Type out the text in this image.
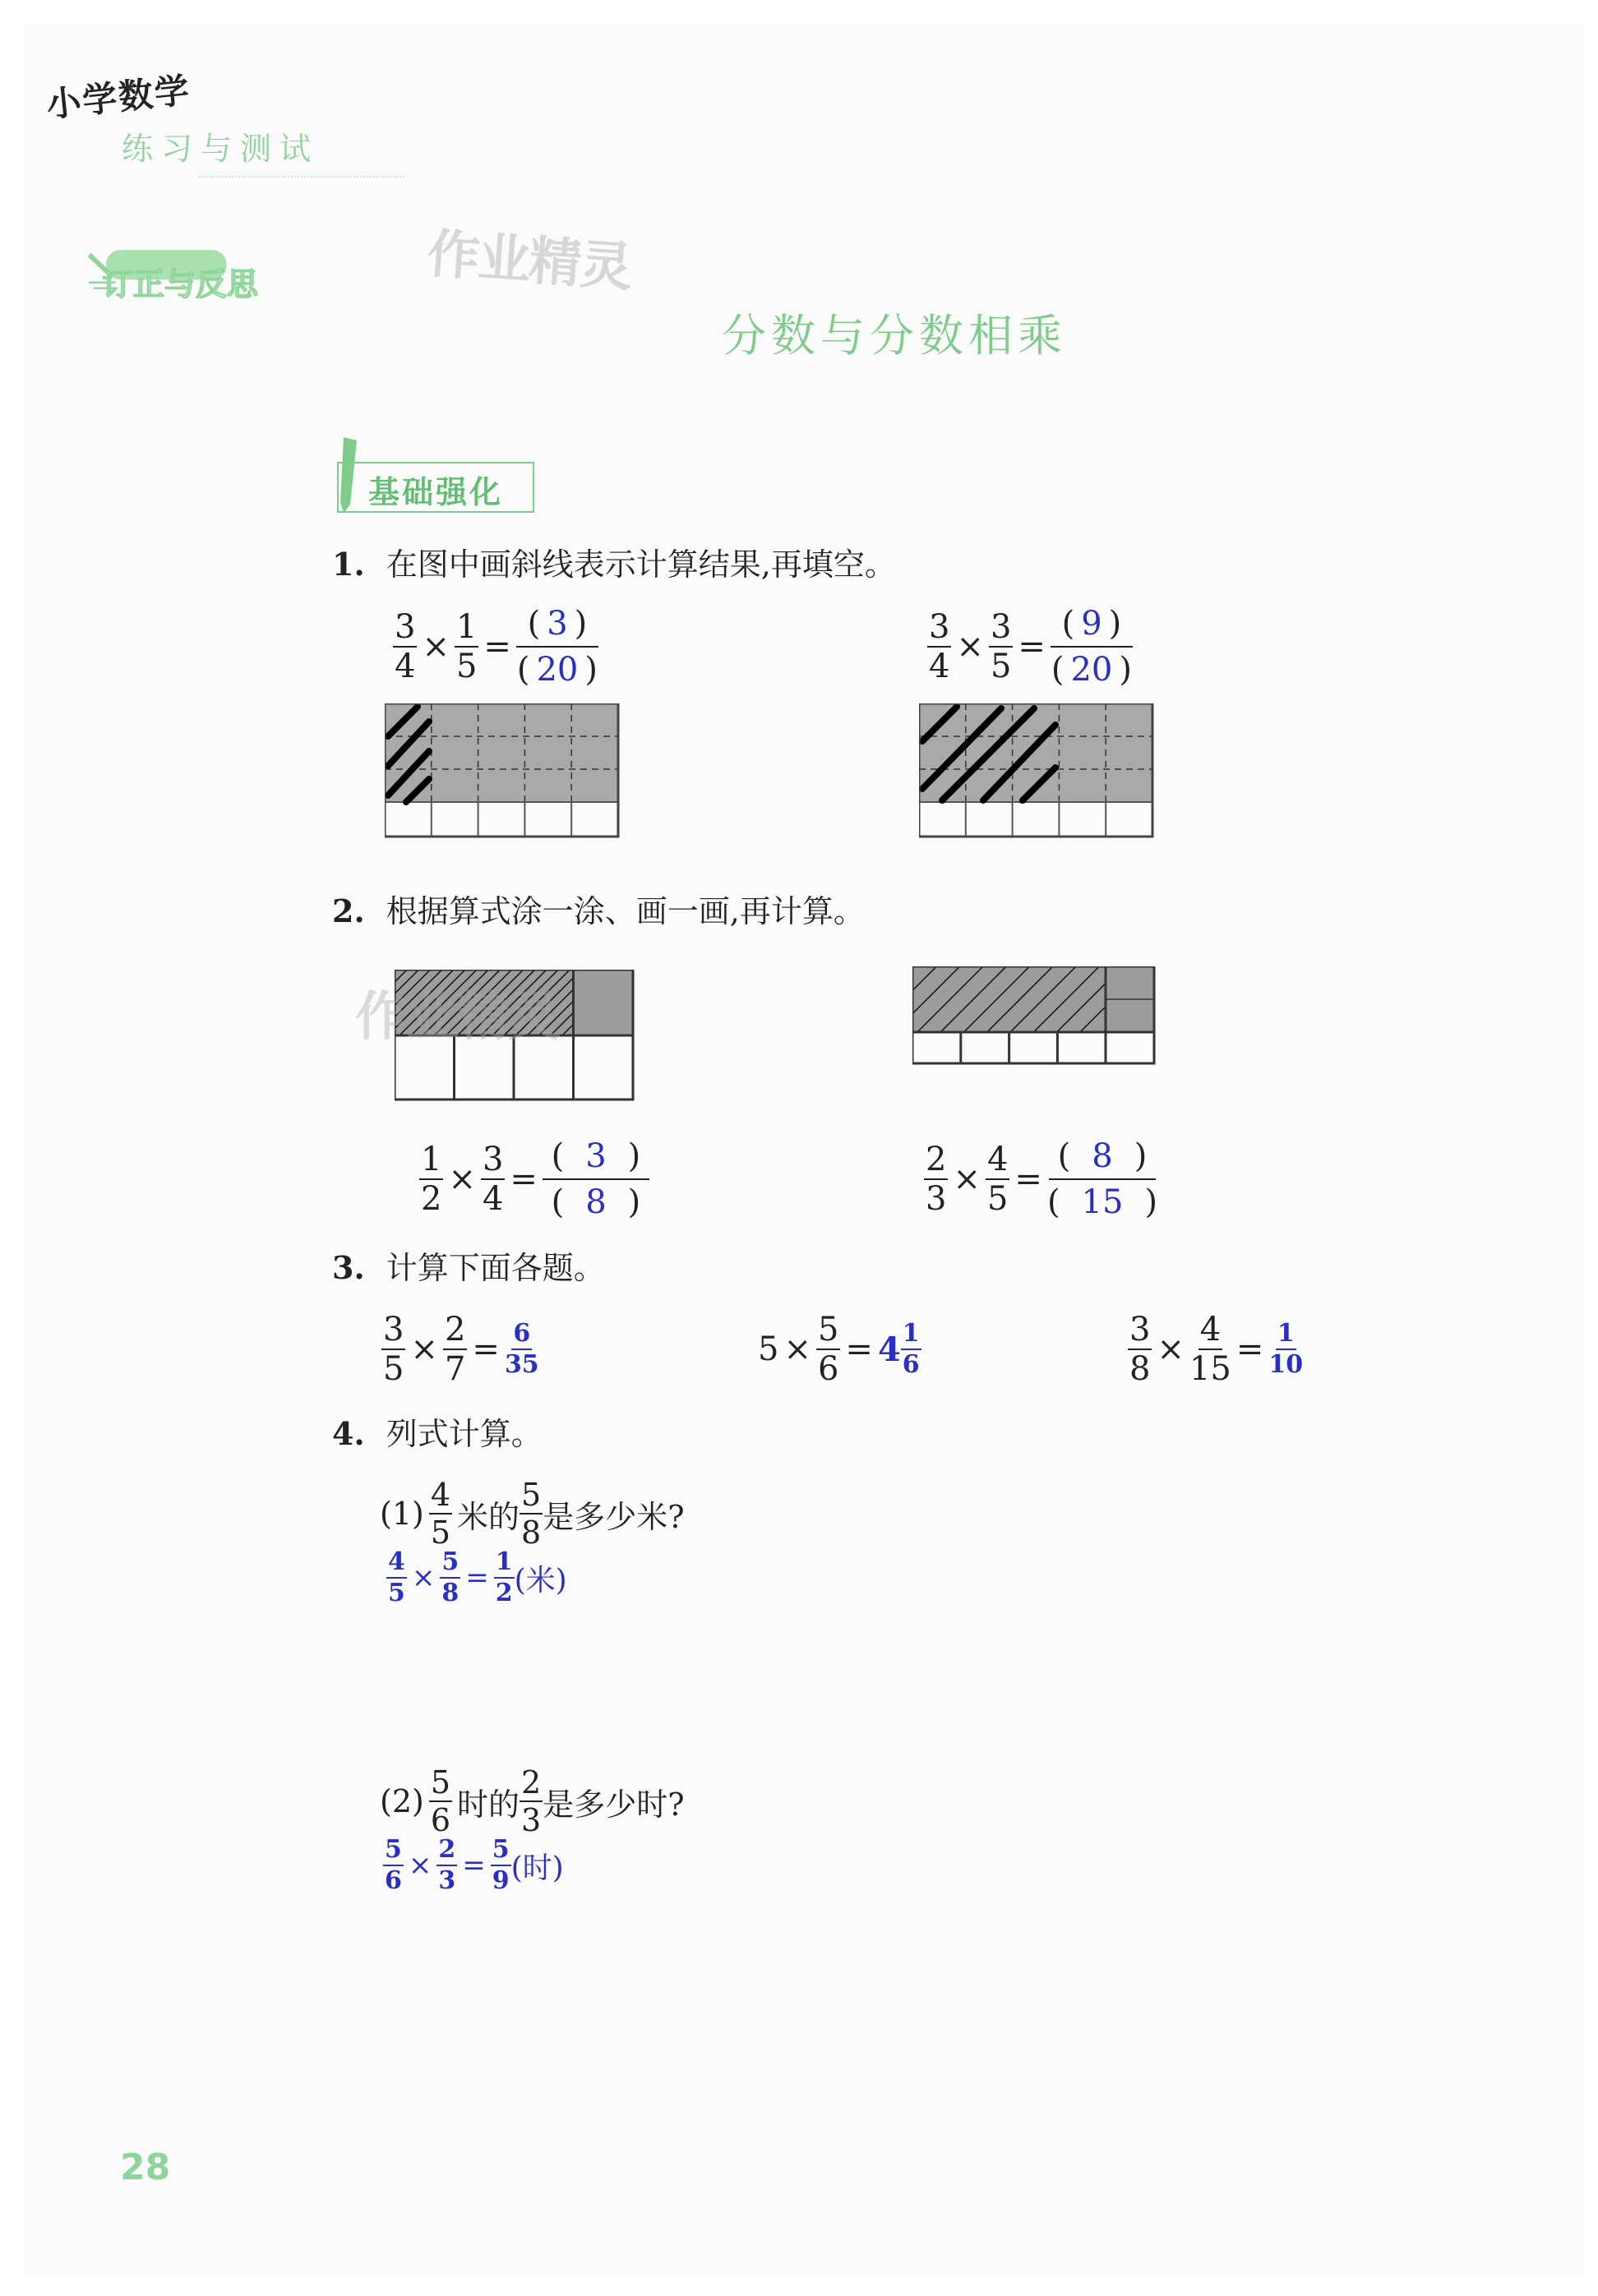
小学数学
练习与测试
订正与反思	作业精灵
分数与分数相乘
基础强化
1. 在图中画斜线表示计算结果,再填空。
$\frac{3}{4} \times \frac{1}{5}$ =
( 3 )
( 20 )	$\frac{3}{4} \times \frac{3}{5}$ =
( 9 )
( 20 )
2. 根据算式涂一涂、画一画,再计算。
作业精灵
$\frac{1}{2} \times \frac{3}{4}$ =
( 3 )
( 8 )	$\frac{2}{3} \times \frac{4}{5}$ =
( 8 )
( 15 )
3. 计算下面各题。
$\frac{3}{5} \times \frac{2}{7} = \frac{6}{35}$	$5 \times \frac{5}{6} = 4 \frac{1}{6}$	$\frac{3}{8} \times \frac{4}{15} = \frac{1}{10}$
4. 列式计算。
$(1) \frac{4}{5}$ 米的 $\frac{5}{8}$ 是多少米?
$\frac{4}{5} \times \frac{5}{8} = \frac{1}{2}$ (米)
$(2) \frac{5}{6}$ 时的 $\frac{2}{3}$ 是多少时?
$\frac{5}{6} \times \frac{2}{3} = \frac{5}{9}$ (时)
28
